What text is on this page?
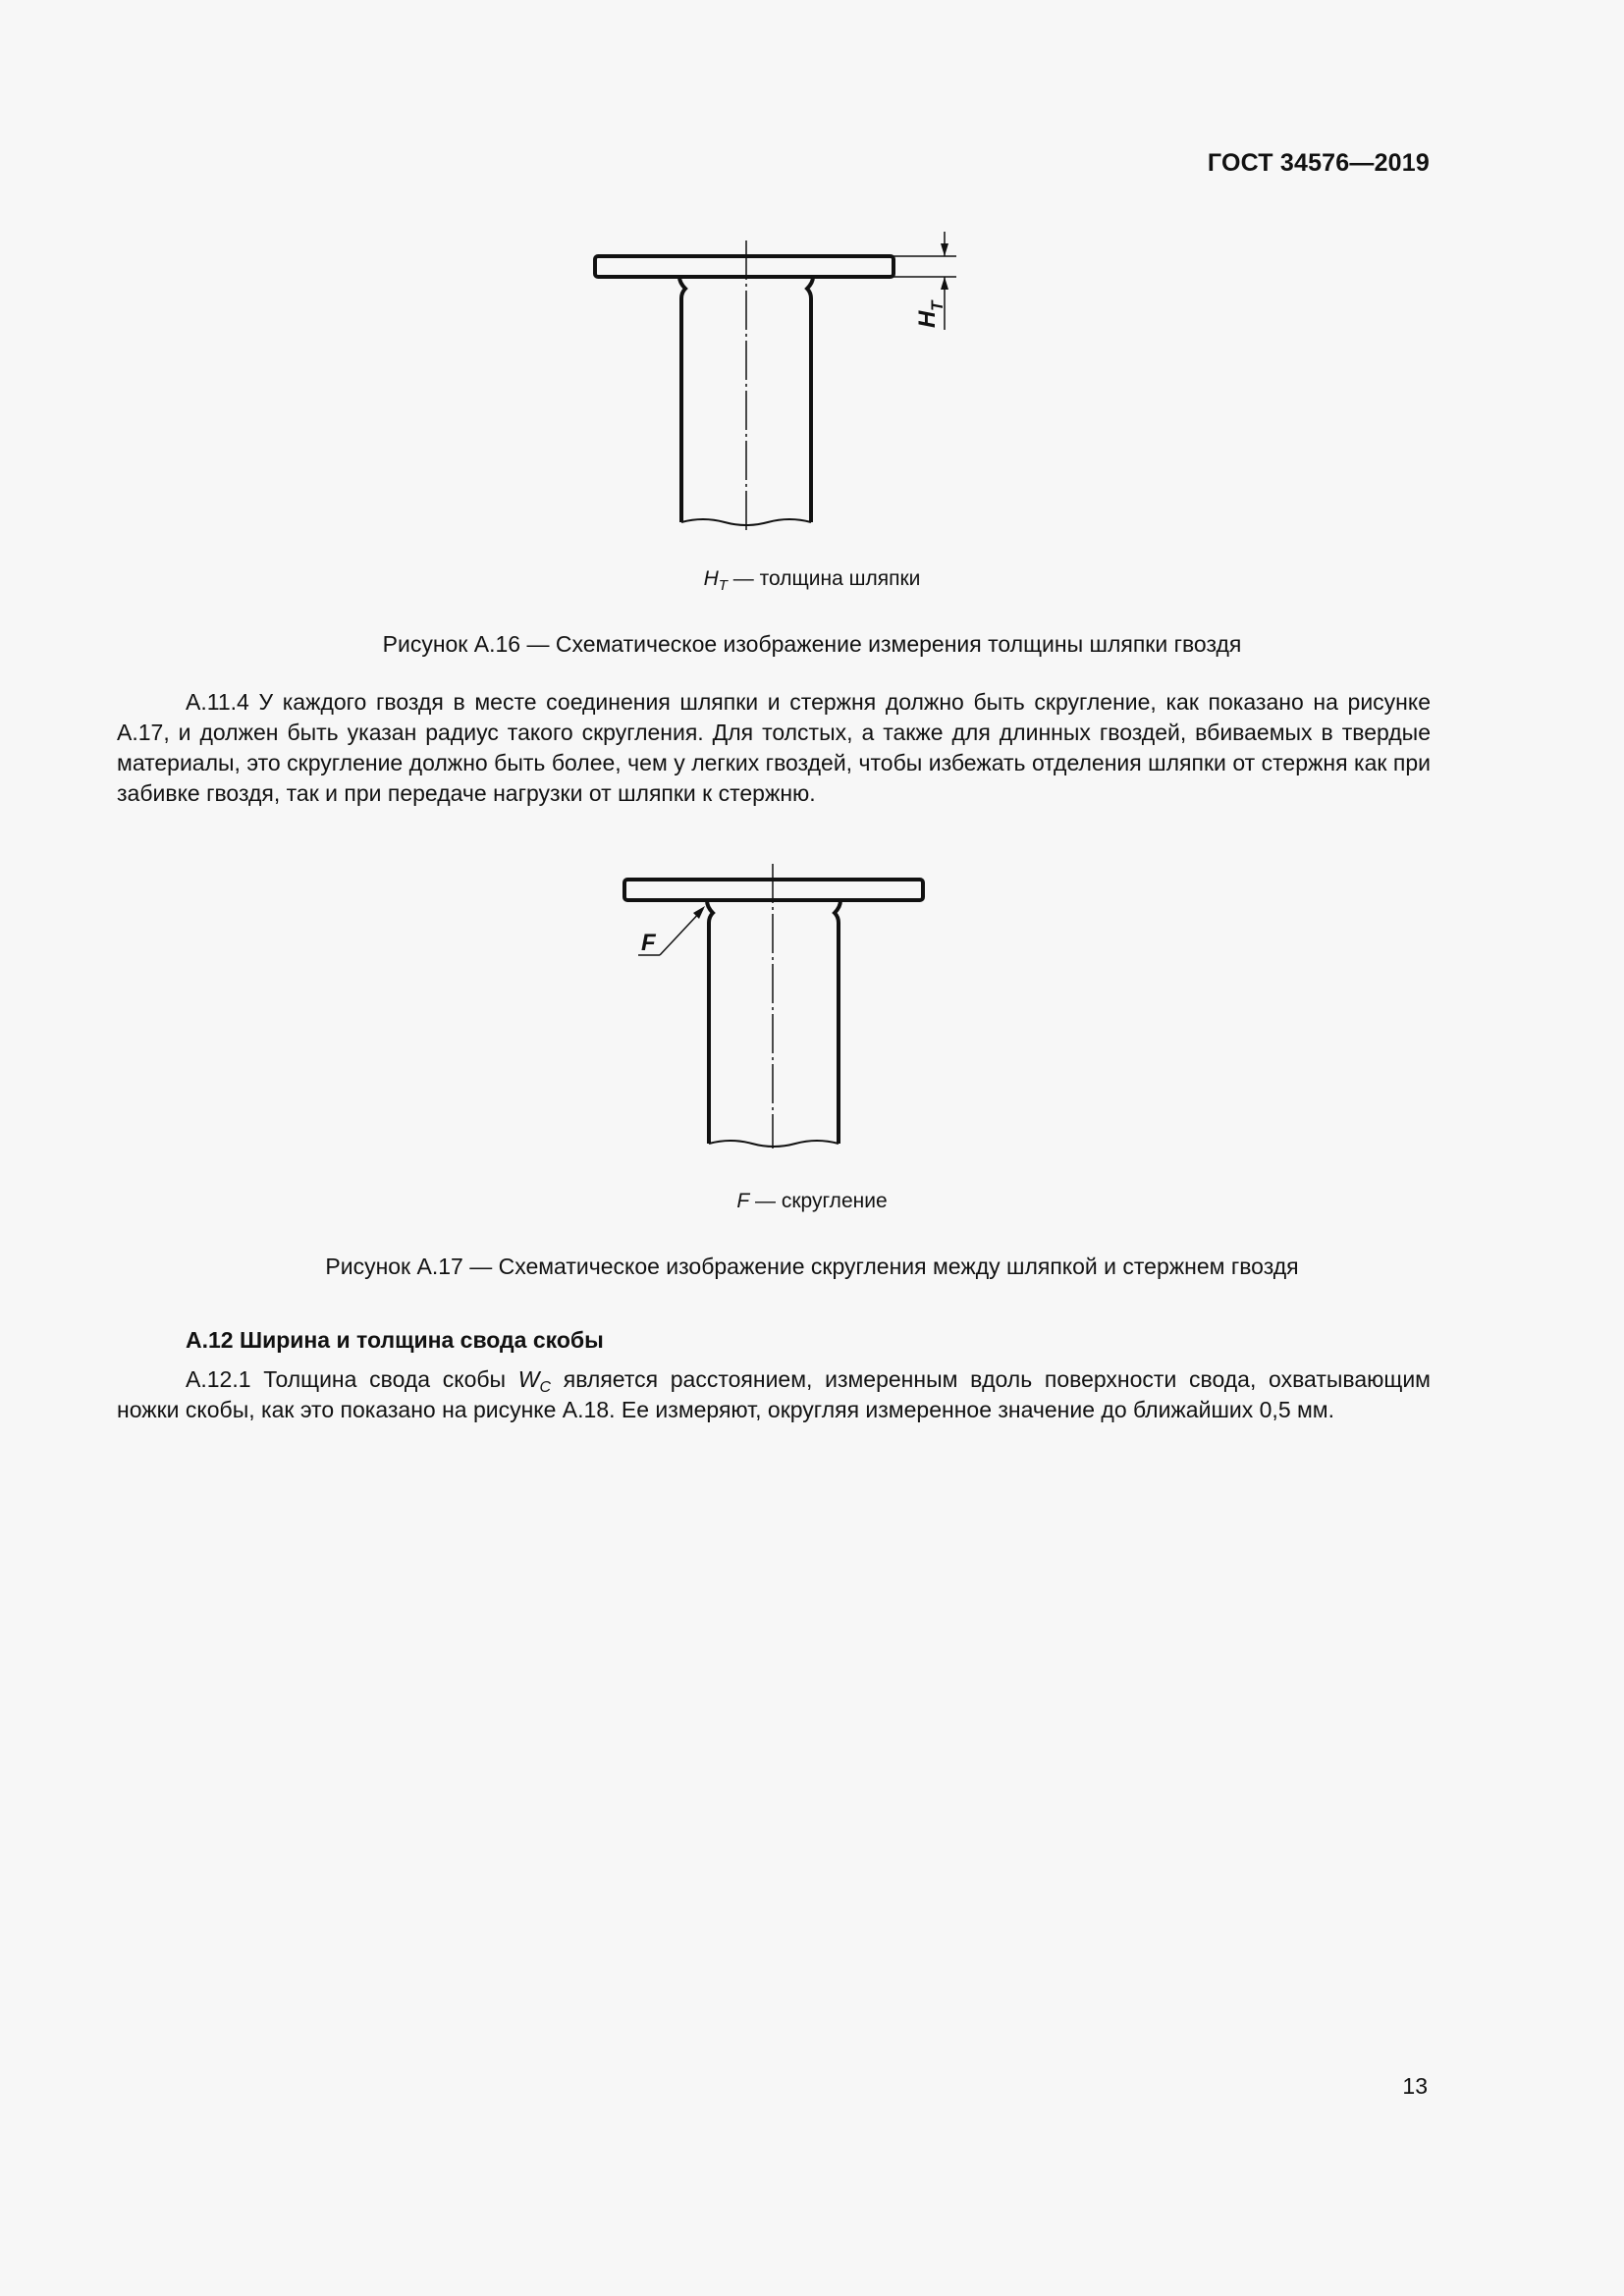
ГОСТ 34576—2019
H
T
$H_T$ — толщина шляпки
Рисунок А.16 — Схематическое изображение измерения толщины шляпки гвоздя
А.11.4 У каждого гвоздя в месте соединения шляпки и стержня должно быть скругление, как показано на рисунке А.17, и должен быть указан радиус такого скругления. Для толстых, а также для длинных гвоздей, вбиваемых в твердые материалы, это скругление должно быть более, чем у легких гвоздей, чтобы избежать отделения шляпки от стержня как при забивке гвоздя, так и при передаче нагрузки от шляпки к стержню.
F
F — скругление
Рисунок А.17 — Схематическое изображение скругления между шляпкой и стержнем гвоздя
А.12 Ширина и толщина свода скобы
А.12.1 Толщина свода скобы $W_C$ является расстоянием, измеренным вдоль поверхности свода, охватывающим ножки скобы, как это показано на рисунке А.18. Ее измеряют, округляя измеренное значение до ближайших 0,5 мм.
13
